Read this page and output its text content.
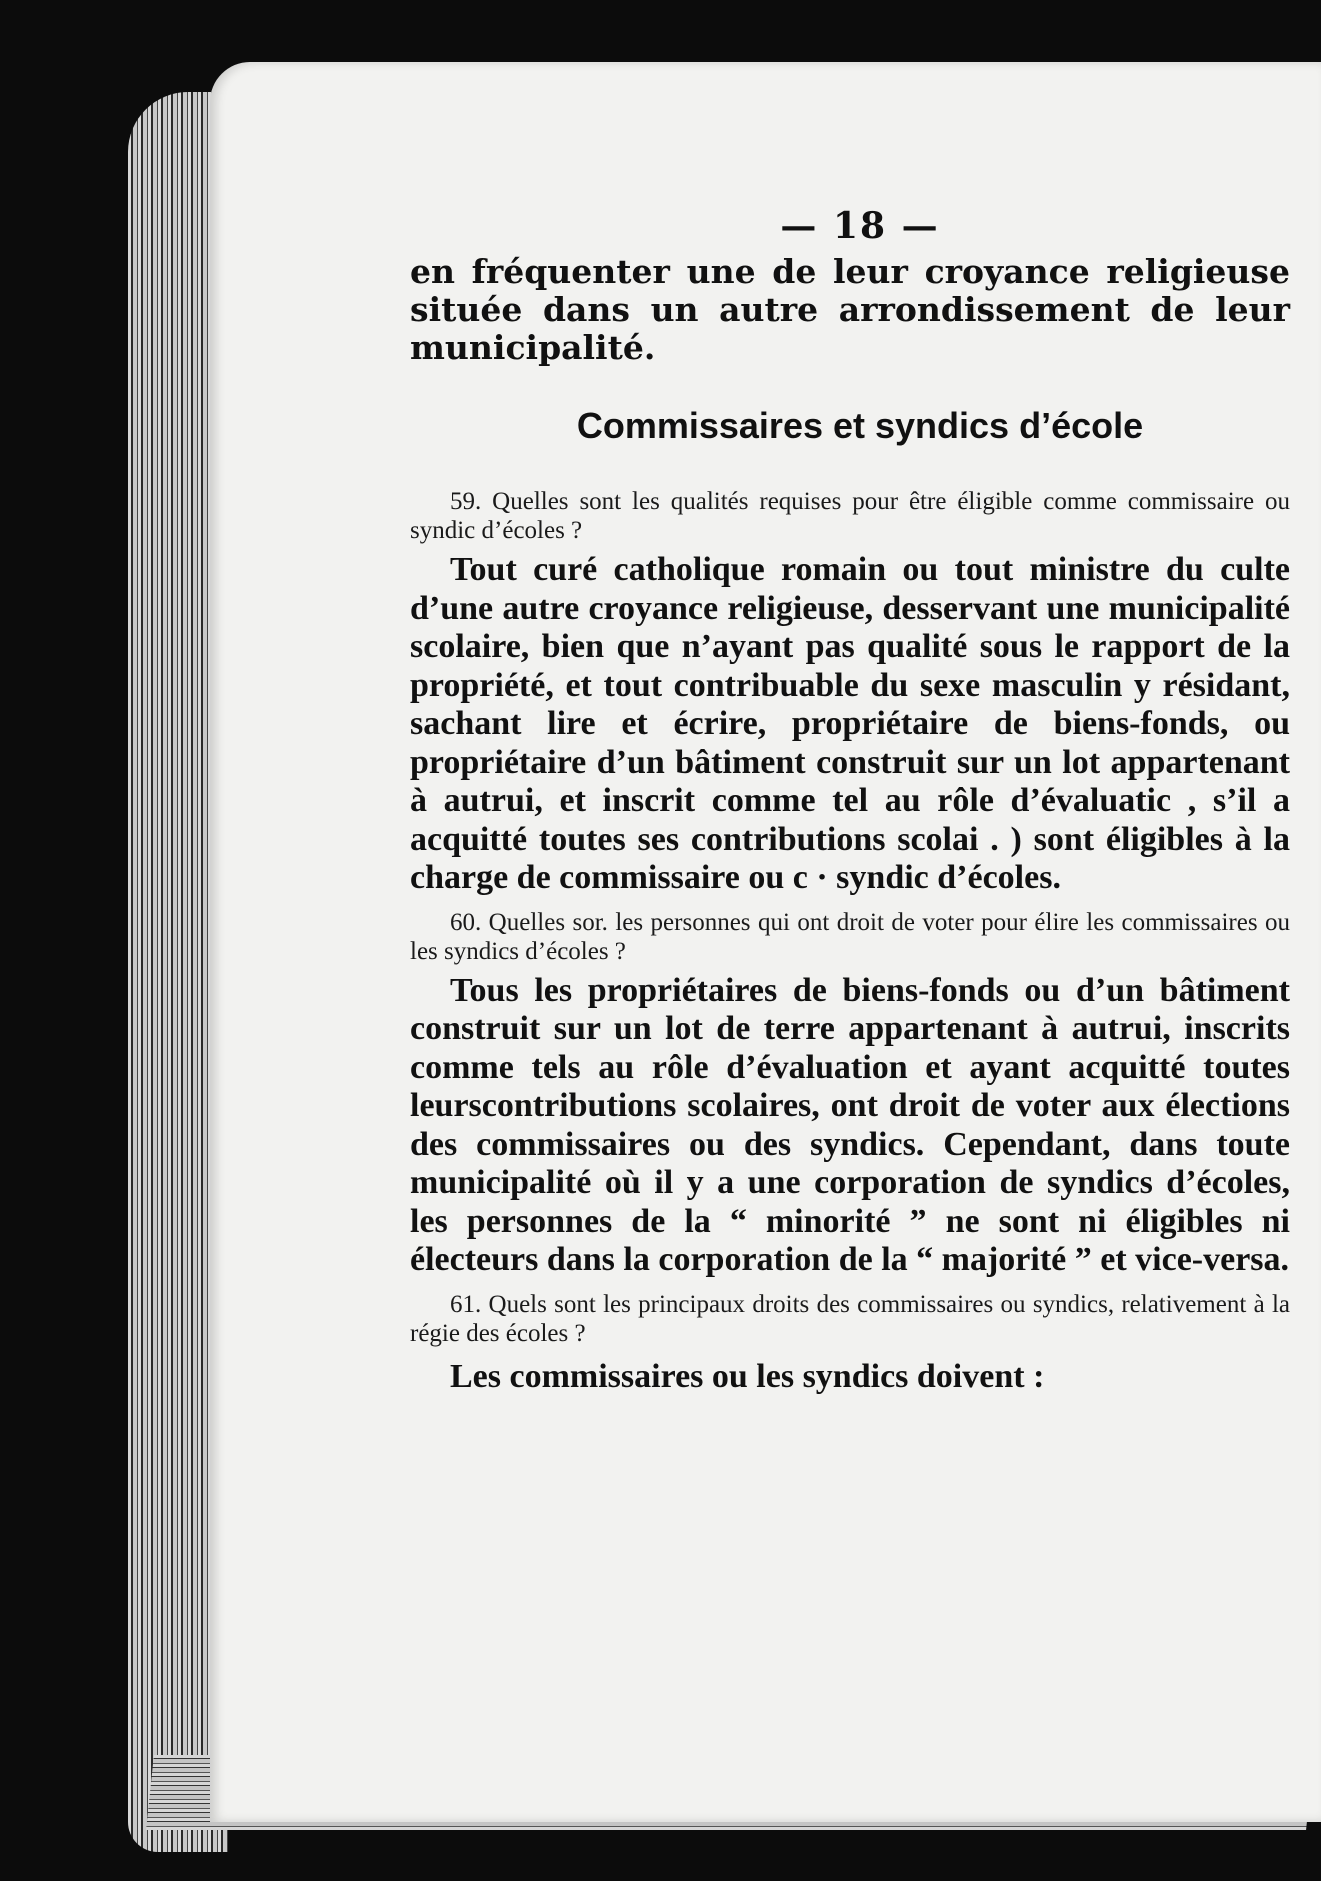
— 18 —

en fréquenter une de leur croyance religieuse située dans un autre arrondissement de leur municipalité.

Commissaires et syndics d’école

59. Quelles sont les qualités requises pour être éligible comme commissaire ou syndic d’écoles ?

Tout curé catholique romain ou tout ministre du culte d’une autre croyance religieuse, desservant une municipalité scolaire, bien que n’ayant pas qualité sous le rapport de la propriété, et tout contribuable du sexe masculin y résidant, sachant lire et écrire, propriétaire de biens-fonds, ou propriétaire d’un bâtiment construit sur un lot appartenant à autrui, et inscrit comme tel au rôle d’évaluatic , s’il a acquitté toutes ses contributions scolai . ) sont éligibles à la charge de commissaire ou c · syndic d’écoles.

60. Quelles sor. les personnes qui ont droit de voter pour élire les commissaires ou les syndics d’écoles ?

Tous les propriétaires de biens-fonds ou d’un bâtiment construit sur un lot de terre appartenant à autrui, inscrits comme tels au rôle d’évaluation et ayant acquitté toutes leurscontributions scolaires, ont droit de voter aux élections des commissaires ou des syndics. Cependant, dans toute municipalité où il y a une corporation de syndics d’écoles, les personnes de la “ minorité ” ne sont ni éligibles ni électeurs dans la corporation de la “ majorité ” et vice-versa.

61. Quels sont les principaux droits des commissaires ou syndics, relativement à la régie des écoles ?

Les commissaires ou les syndics doivent :
